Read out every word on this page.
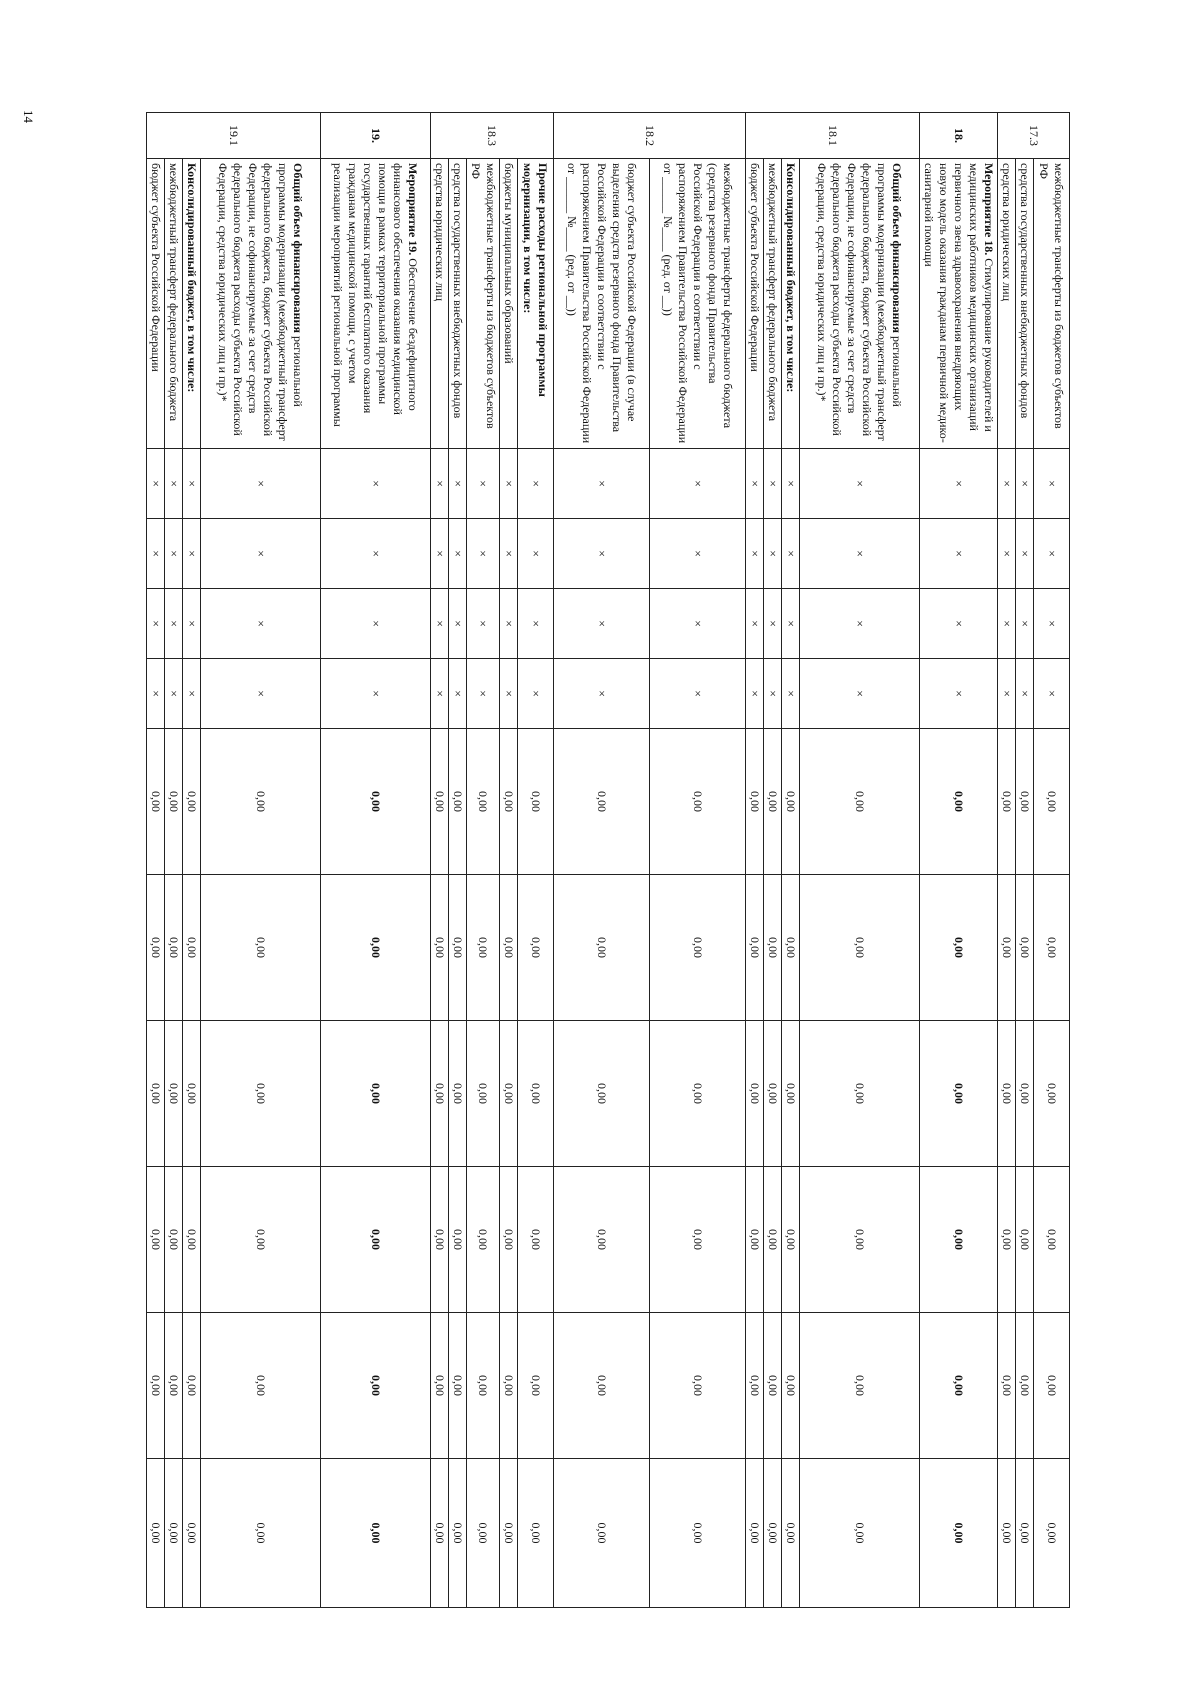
14
17.3	межбюджетные трансферты из бюджетов субъектов РФ	×	×	×	×	0,00	0,00	0,00	0,00	0,00	0,00
	средства государственных внебюджетных фондов	×	×	×	×	0,00	0,00	0,00	0,00	0,00	0,00
	средства юридических лиц	×	×	×	×	0,00	0,00	0,00	0,00	0,00	0,00
18.	Мероприятие 18. Стимулирование руководителей и медицинских работников медицинских организаций первичного звена здравоохранения внедряющих новую модель оказания гражданам первичной медико-санитарной помощи	×	×	×	×	0,00	0,00	0,00	0,00	0,00	0,00
18.1	Общий объем финансирования региональной программы модернизации (межбюджетный трансферт федерального бюджета, бюджет субъекта Российской Федерации, не софинансируемые за счет средств федерального бюджета расходы субъекта Российской Федерации, средства юридических лиц и пр.)*	×	×	×	×	0,00	0,00	0,00	0,00	0,00	0,00
	Консолидированный бюджет, в том числе:	×	×	×	×	0,00	0,00	0,00	0,00	0,00	0,00
	межбюджетный трансферт федерального бюджета	×	×	×	×	0,00	0,00	0,00	0,00	0,00	0,00
	бюджет субъекта Российской Федерации	×	×	×	×	0,00	0,00	0,00	0,00	0,00	0,00
18.2	межбюджетные трансферты федерального бюджета (средства резервного фонда Правительства Российской Федерации в соответствии с распоряжением Правительства Российской Федерации от ______ №____ (ред. от __))	×	×	×	×	0,00	0,00	0,00	0,00	0,00	0,00
	бюджет субъекта Российской Федерации (в случае выделения средств резервного фонда Правительства Российской Федерации в соответствии с распоряжением Правительства Российской Федерации от ______ №____ (ред. от __))	×	×	×	×	0,00	0,00	0,00	0,00	0,00	0,00
18.3	Прочие расходы региональной программы модернизации, в том числе:	×	×	×	×	0,00	0,00	0,00	0,00	0,00	0,00
	бюджеты муниципальных образований	×	×	×	×	0,00	0,00	0,00	0,00	0,00	0,00
	межбюджетные трансферты из бюджетов субъектов РФ	×	×	×	×	0,00	0,00	0,00	0,00	0,00	0,00
	средства государственных внебюджетных фондов	×	×	×	×	0,00	0,00	0,00	0,00	0,00	0,00
	средства юридических лиц	×	×	×	×	0,00	0,00	0,00	0,00	0,00	0,00
19.	Мероприятие 19. Обеспечение бездефицитного финансового обеспечения оказания медицинской помощи в рамках территориальной программы государственных гарантий бесплатного оказания гражданам медицинской помощи, с учетом реализации мероприятий региональной программы	×	×	×	×	0,00	0,00	0,00	0,00	0,00	0,00
19.1	Общий объем финансирования региональной программы модернизации (межбюджетный трансферт федерального бюджета, бюджет субъекта Российской Федерации, не софинансируемые за счет средств федерального бюджета расходы субъекта Российской Федерации, средства юридических лиц и пр.)*	×	×	×	×	0,00	0,00	0,00	0,00	0,00	0,00
	Консолидированный бюджет, в том числе:	×	×	×	×	0,00	0,00	0,00	0,00	0,00	0,00
	межбюджетный трансферт федерального бюджета	×	×	×	×	0,00	0,00	0,00	0,00	0,00	0,00
	бюджет субъекта Российской Федерации	×	×	×	×	0,00	0,00	0,00	0,00	0,00	0,00
